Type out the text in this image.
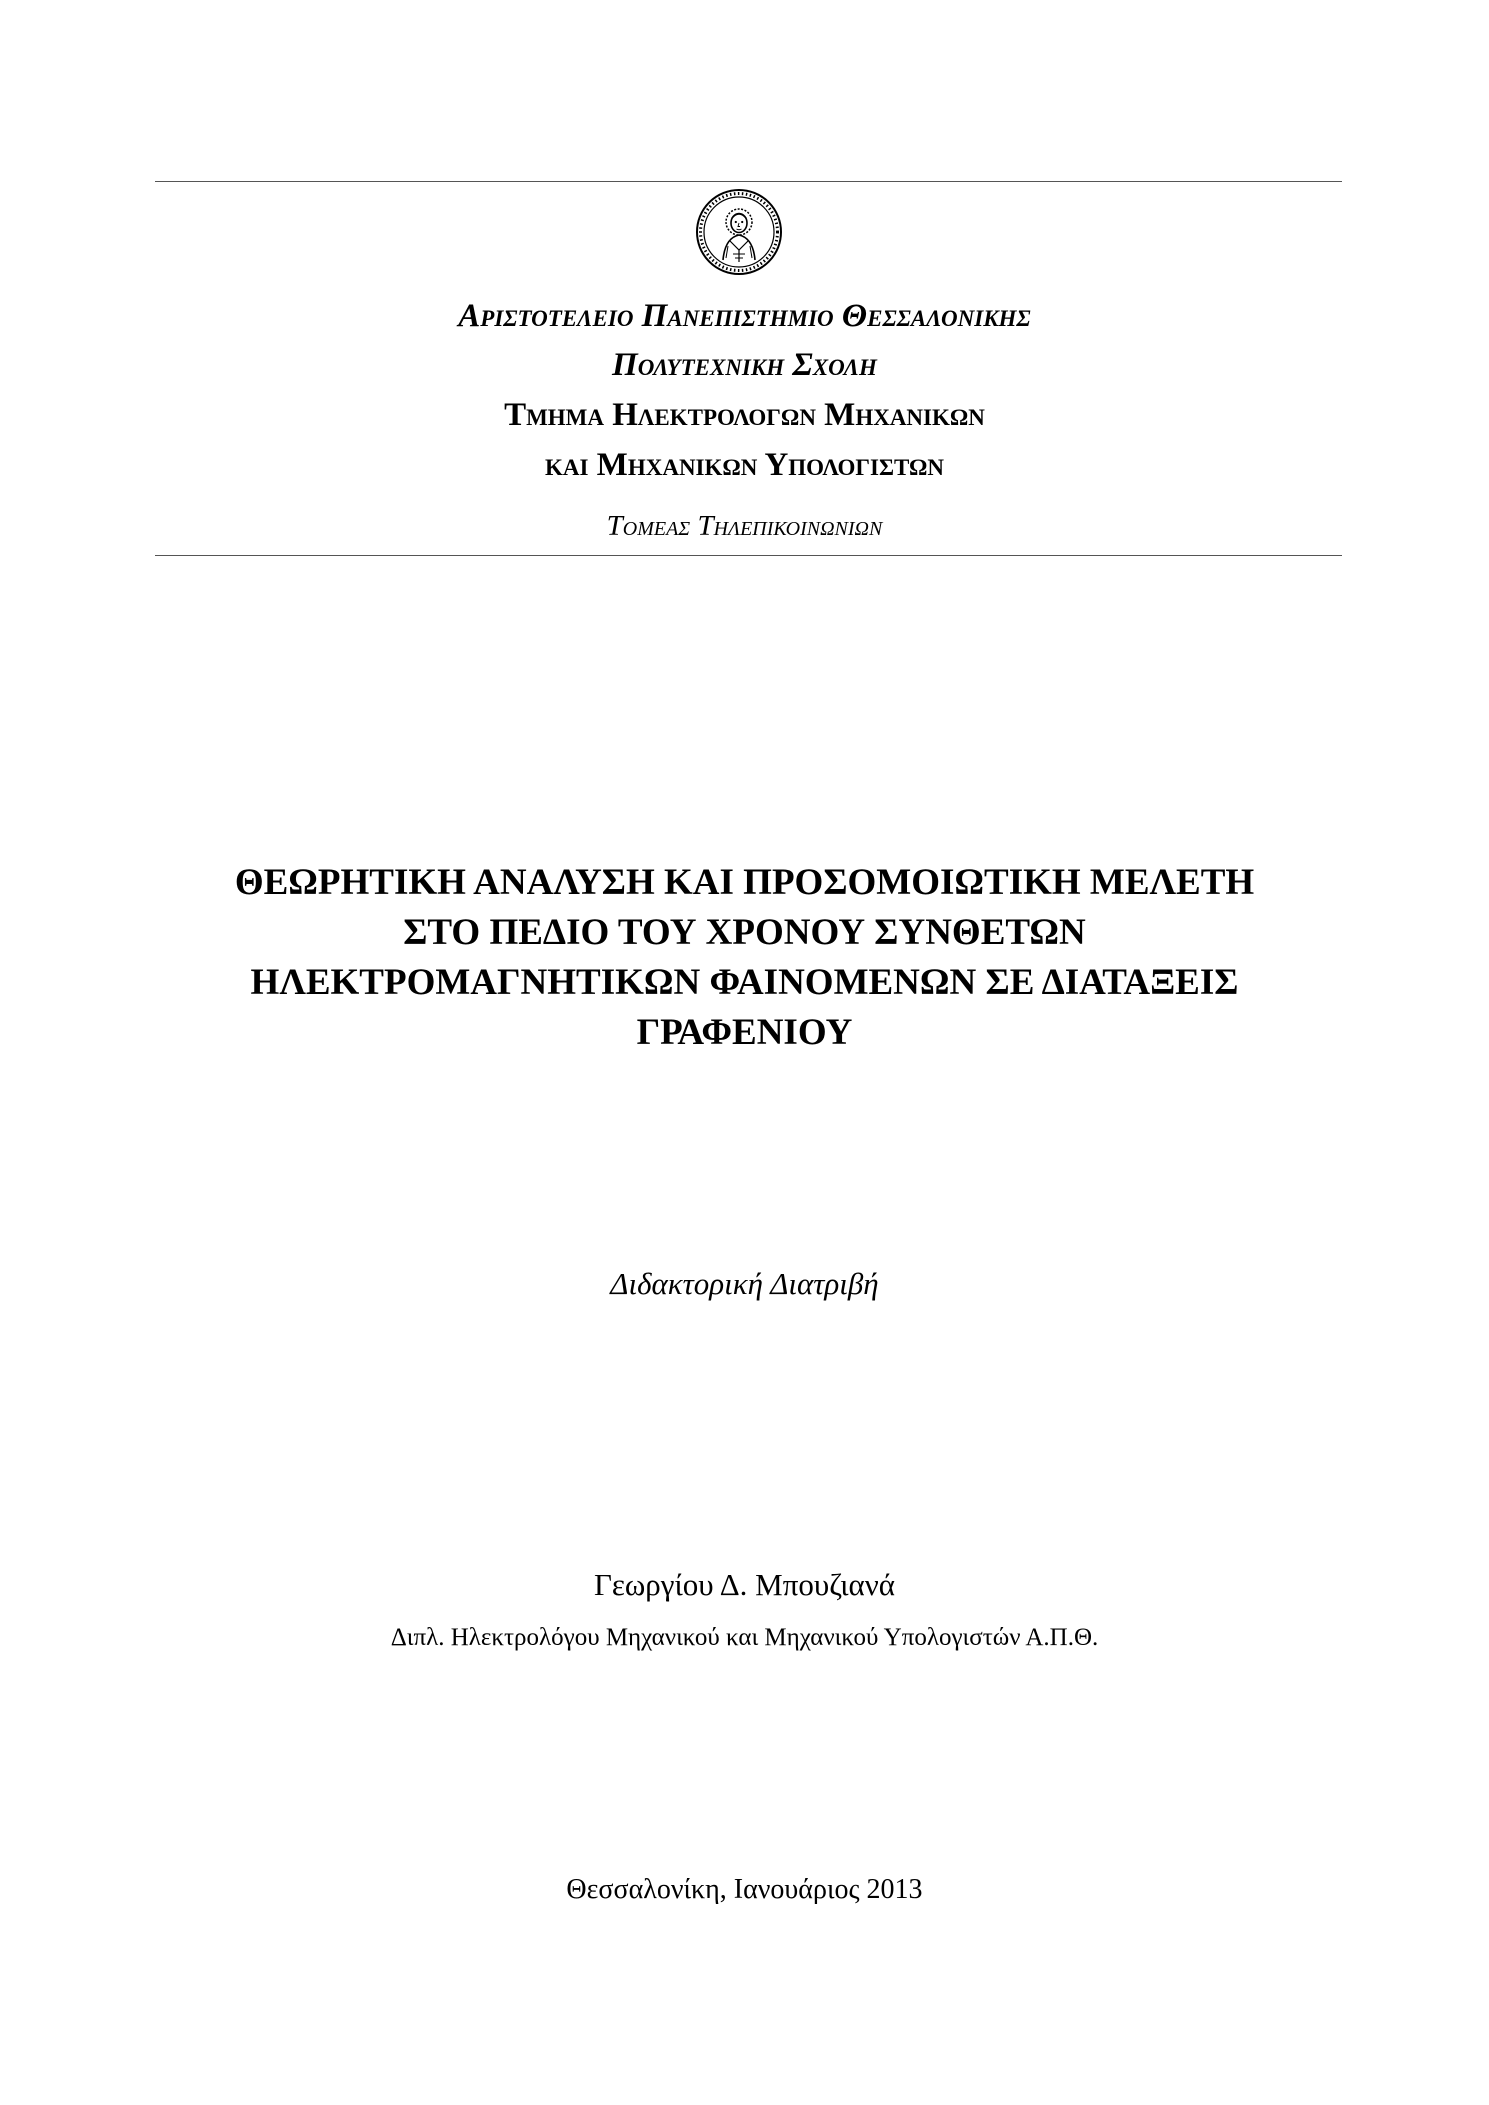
Αριστοτελειο Πανεπιστημιο Θεσσαλονικης
Πολυτεχνικη Σχολη
Τμημα Ηλεκτρολογων Μηχανικων
και Μηχανικων Υπολογιστων
Τομεας Τηλεπικοινωνιων
ΘΕΩΡΗΤΙΚΗ ΑΝΑΛΥΣΗ ΚΑΙ ΠΡΟΣΟΜΟΙΩΤΙΚΗ ΜΕΛΕΤΗ
ΣΤΟ ΠΕΔΙΟ ΤΟΥ ΧΡΟΝΟΥ ΣΥΝΘΕΤΩΝ
ΗΛΕΚΤΡΟΜΑΓΝΗΤΙΚΩΝ ΦΑΙΝΟΜΕΝΩΝ ΣΕ ΔΙΑΤΑΞΕΙΣ
ΓΡΑΦΕΝΙΟΥ
Διδακτορική Διατριβή
Γεωργίου Δ. Μπουζιανά
Διπλ. Ηλεκτρολόγου Μηχανικού και Μηχανικού Υπολογιστών Α.Π.Θ.
Θεσσαλονίκη, Ιανουάριος 2013
